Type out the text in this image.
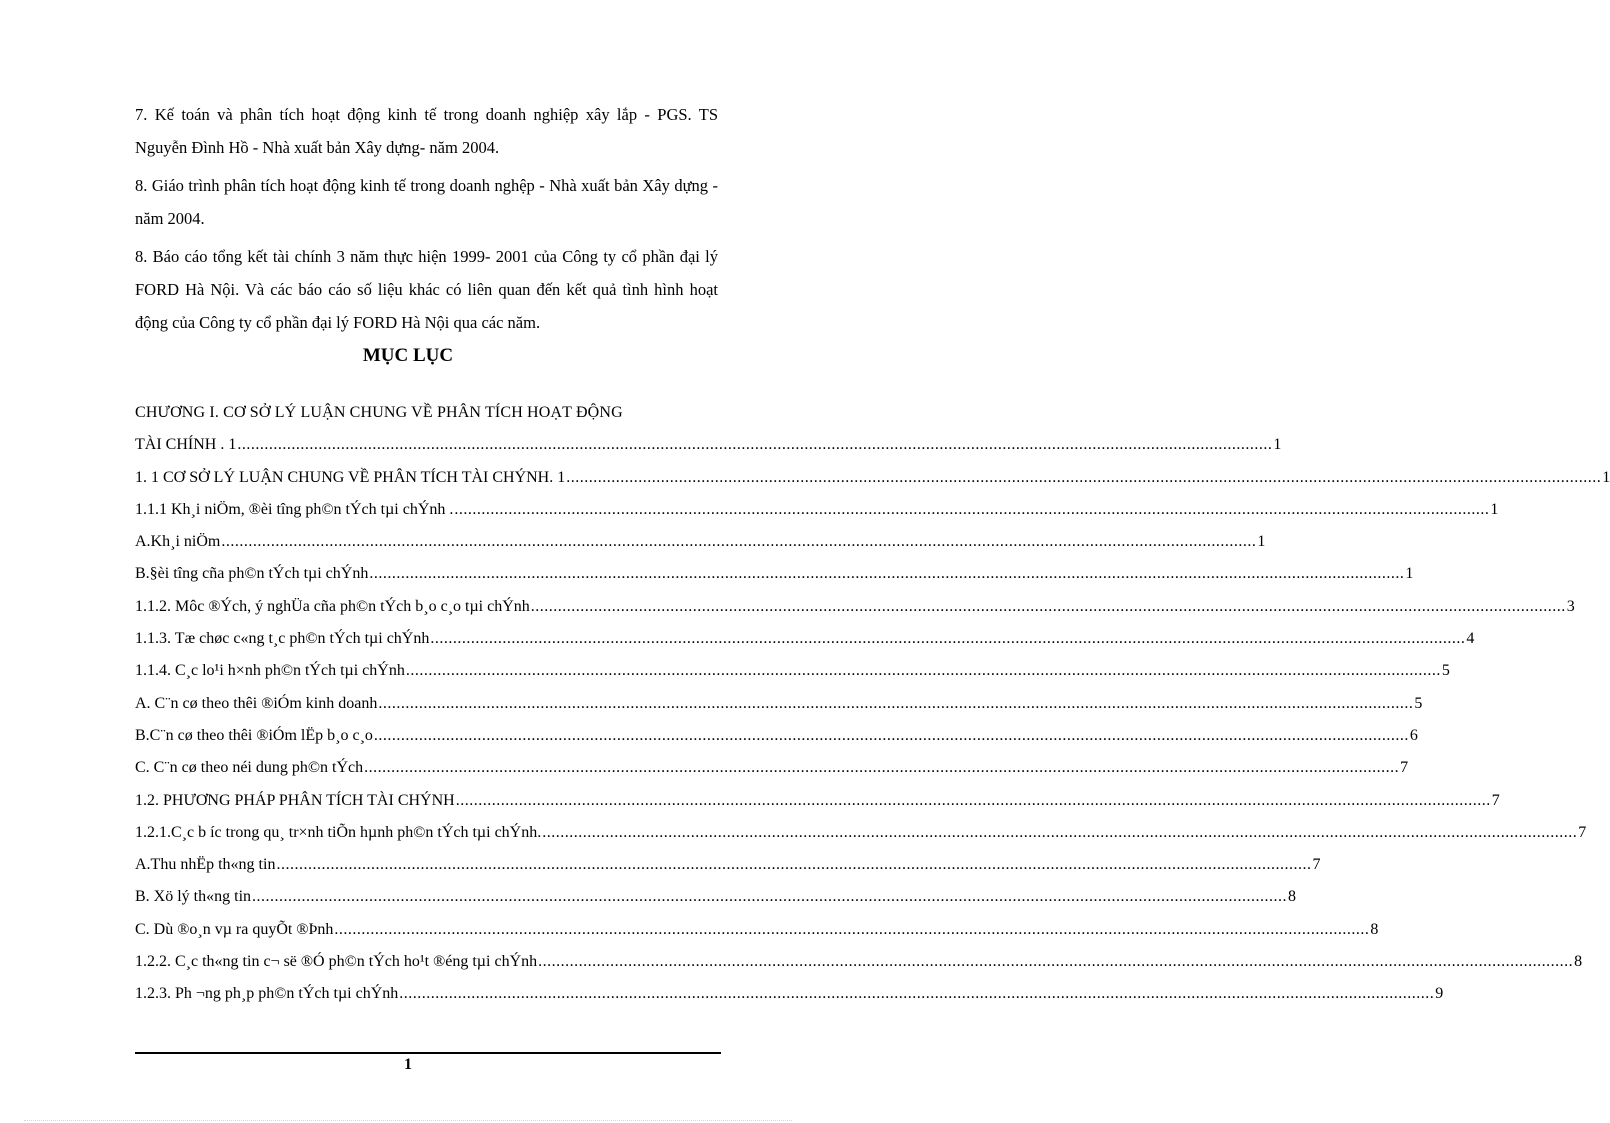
7. Kế toán và phân tích hoạt động kinh tế trong doanh nghiệp xây lắp - PGS. TS Nguyễn Đình Hồ - Nhà xuất bản Xây dựng- năm 2004.

8. Giáo trình phân tích hoạt động kinh tế trong doanh nghệp - Nhà xuất bản Xây dựng - năm 2004.

8. Báo cáo tổng kết tài chính 3 năm thực hiện 1999- 2001 của Công ty cổ phần đại lý FORD Hà Nội. Và các báo cáo số liệu khác có liên quan đến kết quả tình hình hoạt động của Công ty cổ phần đại lý FORD Hà Nội qua các năm.

MỤC LỤC
CHƯƠNG I. CƠ SỞ LÝ LUẬN CHUNG VỀ PHÂN TÍCH HOẠT ĐỘNG
TÀI CHÍNH . 1 .....	1
1. 1 CƠ SỞ LÝ LUẬN CHUNG VỀ PHÂN TÍCH TÀI CHÝNH. 1 .....	1
1.1.1 Kh¸i niÖm, ®èi tîng ph©n tÝch tµi chÝnh . .....	1
A.Kh¸i niÖm .....	1
B.§èi tîng cña ph©n tÝch tµi chÝnh .....	1
1.1.2. Môc ®Ých, ý nghÜa cña ph©n tÝch b¸o c¸o tµi chÝnh .....	3
1.1.3. Tæ chøc c«ng t¸c ph©n tÝch tµi chÝnh .....	4
1.1.4. C¸c lo¹i h×nh ph©n tÝch tµi chÝnh .....	5
A. C¨n cø theo thêi ®iÓm kinh doanh .....	5
B.C¨n cø theo thêi ®iÓm lËp b¸o c¸o .....	6
C. C¨n cø theo néi dung ph©n tÝch .....	7
1.2. PHƯƠNG PHÁP PHÂN TÍCH TÀI CHÝNH .....	7
1.2.1.C¸c b íc trong qu¸ tr×nh tiÕn hµnh ph©n tÝch tµi chÝnh. .....	7
A.Thu nhËp th«ng tin .....	7
B. Xö lý th«ng tin .....	8
C. Dù ®o¸n vµ ra quyÕt ®Þnh .....	8
1.2.2. C¸c th«ng tin c¬ së ®Ó ph©n tÝch ho¹t ®éng tµi chÝnh .....	8
1.2.3. Ph ¬ng ph¸p ph©n tÝch tµi chÝnh .....	9
1
